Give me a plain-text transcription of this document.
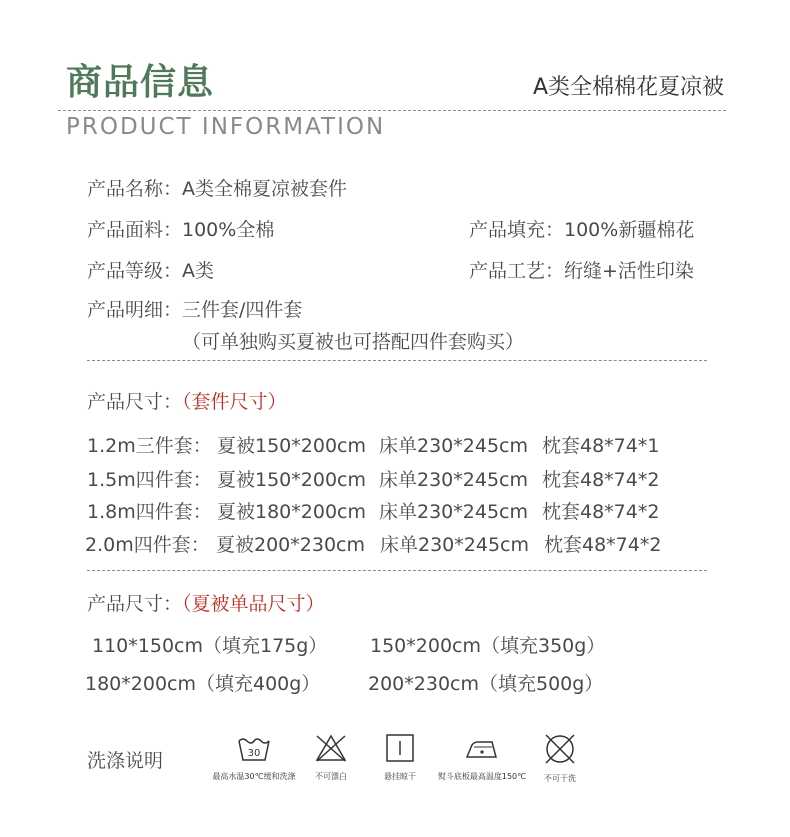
商品信息	A类全棉棉花夏凉被
PRODUCT INFORMATION
产品名称：A类全棉夏凉被套件
产品面料：100%全棉	产品填充：100%新疆棉花
产品等级：A类	产品工艺：绗缝+活性印染
产品明细：三件套/四件套
（可单独购买夏被也可搭配四件套购买）
产品尺寸：（套件尺寸）
1.2m三件套： 夏被150*200cm 床单230*245cm 枕套48*74*1
1.5m四件套： 夏被150*200cm 床单230*245cm 枕套48*74*2
1.8m四件套： 夏被180*200cm 床单230*245cm 枕套48*74*2
2.0m四件套： 夏被200*230cm 床单230*245cm 枕套48*74*2
产品尺寸：（夏被单品尺寸）
110*150cm（填充175g） 150*200cm（填充350g）
180*200cm（填充400g）	200*230cm（填充500g）
洗涤说明	30
最高水温30℃缓和洗涤	不可漂白	悬挂晾干	熨斗底板最高温度150℃	不可干洗
